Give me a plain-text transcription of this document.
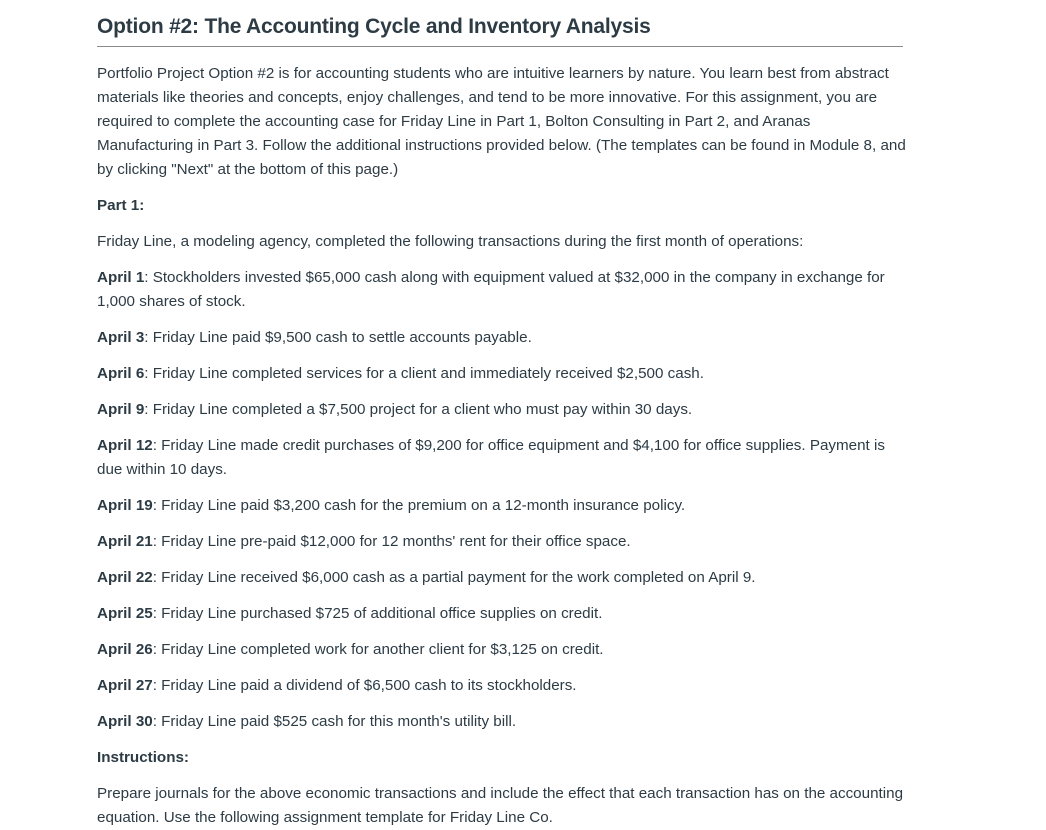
Option #2: The Accounting Cycle and Inventory Analysis

Portfolio Project Option #2 is for accounting students who are intuitive learners by nature. You learn best from abstract materials like theories and concepts, enjoy challenges, and tend to be more innovative. For this assignment, you are required to complete the accounting case for Friday Line in Part 1, Bolton Consulting in Part 2, and Aranas Manufacturing in Part 3. Follow the additional instructions provided below. (The templates can be found in Module 8, and by clicking "Next" at the bottom of this page.)

Part 1:

Friday Line, a modeling agency, completed the following transactions during the first month of operations:

April 1: Stockholders invested $65,000 cash along with equipment valued at $32,000 in the company in exchange for 1,000 shares of stock.

April 3: Friday Line paid $9,500 cash to settle accounts payable.

April 6: Friday Line completed services for a client and immediately received $2,500 cash.

April 9: Friday Line completed a $7,500 project for a client who must pay within 30 days.

April 12: Friday Line made credit purchases of $9,200 for office equipment and $4,100 for office supplies. Payment is due within 10 days.

April 19: Friday Line paid $3,200 cash for the premium on a 12-month insurance policy.

April 21: Friday Line pre-paid $12,000 for 12 months' rent for their office space.

April 22: Friday Line received $6,000 cash as a partial payment for the work completed on April 9.

April 25: Friday Line purchased $725 of additional office supplies on credit.

April 26: Friday Line completed work for another client for $3,125 on credit.

April 27: Friday Line paid a dividend of $6,500 cash to its stockholders.

April 30: Friday Line paid $525 cash for this month's utility bill.

Instructions:

Prepare journals for the above economic transactions and include the effect that each transaction has on the accounting equation. Use the following assignment template for Friday Line Co.
